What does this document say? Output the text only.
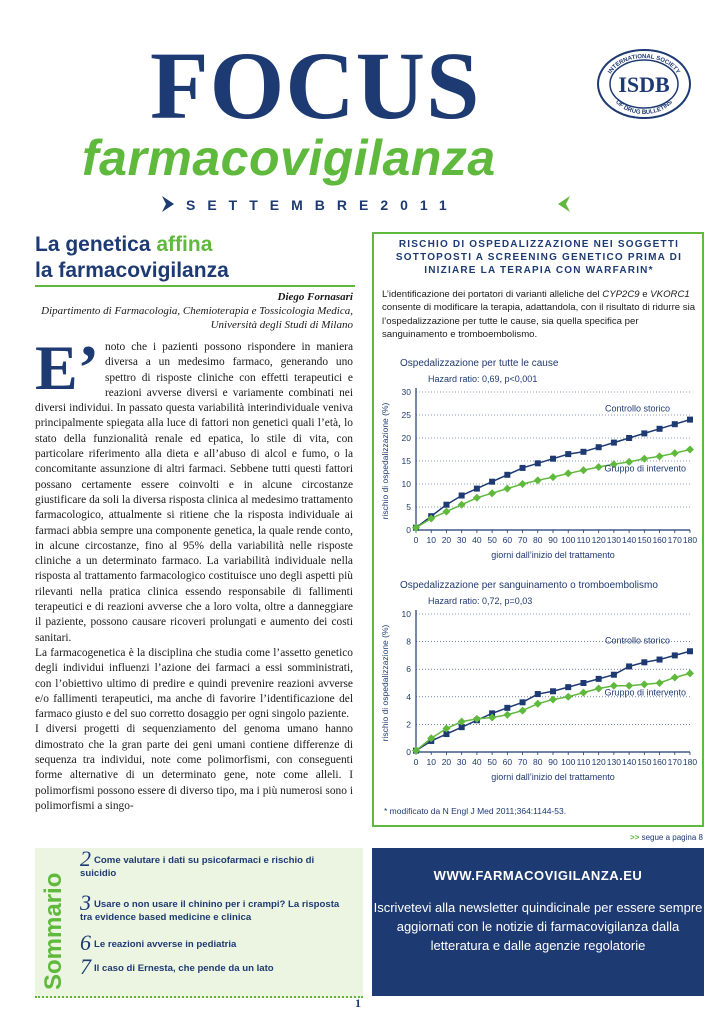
FOCUS
farmacovigilanza
INTERNATIONAL SOCIETY
OF DRUG BULLETINS
ISDB
SETTEMBRE2011
La genetica affina
la farmacovigilanza
Diego Fornasari
Dipartimento di Farmacologia, Chemioterapia e Tossicologia Medica, Università degli Studi di Milano

E’ noto che i pazienti possono rispondere in maniera diversa a un medesimo farmaco, generando uno spettro di risposte cliniche con effetti terapeutici e reazioni avverse diversi e variamente combinati nei diversi individui. In passato questa variabilità interindividuale veniva principalmente spiegata alla luce di fattori non genetici quali l’età, lo stato della funzionalità renale ed epatica, lo stile di vita, con particolare riferimento alla dieta e all’abuso di alcol e fumo, o la concomitante assunzione di altri farmaci. Sebbene tutti questi fattori possano certamente essere coinvolti e in alcune circostanze giustificare da soli la diversa risposta clinica al medesimo trattamento farmacologico, attualmente si ritiene che la risposta individuale ai farmaci abbia sempre una componente genetica, la quale rende conto, in alcune circostanze, fino al 95% della variabilità nelle risposte cliniche a un determinato farmaco. La variabilità individuale nella risposta al trattamento farmacologico costituisce uno degli aspetti più rilevanti nella pratica clinica essendo responsabile di fallimenti terapeutici e di reazioni avverse che a loro volta, oltre a danneggiare il paziente, possono causare ricoveri prolungati e aumento dei costi sanitari.

La farmacogenetica è la disciplina che studia come l’assetto genetico degli individui influenzi l’azione dei farmaci a essi somministrati, con l’obiettivo ultimo di predire e quindi prevenire reazioni avverse e/o fallimenti terapeutici, ma anche di favorire l’identificazione del farmaco giusto e del suo corretto dosaggio per ogni singolo paziente.

I diversi progetti di sequenziamento del genoma umano hanno dimostrato che la gran parte dei geni umani contiene differenze di sequenza tra individui, note come polimorfismi, con conseguenti forme alternative di un determinato gene, note come alleli. I polimorfismi possono essere di diverso tipo, ma i più numerosi sono i polimorfismi a singo-

RISCHIO DI OSPEDALIZZAZIONE NEI SOGGETTI SOTTOPOSTI A SCREENING GENETICO PRIMA DI INIZIARE LA TERAPIA CON WARFARIN*
L’identificazione dei portatori di varianti alleliche del CYP2C9 e VKORC1 consente di modificare la terapia, adattandola, con il risultato di ridurre sia l’ospedalizzazione per tutte le cause, sia quella specifica per sanguinamento e tromboembolismo.
Ospedalizzazione per tutte le cause
Hazard ratio: 0,69, p<0,001
0
5
10
15
20
25
30
0 10 20 30 40 50 60 70 80 90 100 110 120 130 140 150 160 170 180
giorni dall’inizio del trattamento
rischio di ospedalizzazione (%)	Controllo storico
Gruppo di intervento
Ospedalizzazione per sanguinamento o tromboembolismo
Hazard ratio: 0,72, p=0,03
0
2
4
6
8
10
0 10 20 30 40 50 60 70 80 90 100 110 120 130 140 150 160 170 180
giorni dall’inizio del trattamento
rischio di ospedalizzazione (%)	Controllo storico
Gruppo di intervento
* modificato da N Engl J Med 2011;364:1144-53.
>> segue a pagina 8
Sommario
2 Come valutare i dati su psicofarmaci e rischio di suicidio
3 Usare o non usare il chinino per i crampi? La risposta tra evidence based medicine e clinica
6 Le reazioni avverse in pediatria
7 Il caso di Ernesta, che pende da un lato
WWW.FARMACOVIGILANZA.EU
Iscrivetevi alla newsletter quindicinale per essere sempre aggiornati con le notizie di farmacovigilanza dalla letteratura e dalle agenzie regolatorie
1
